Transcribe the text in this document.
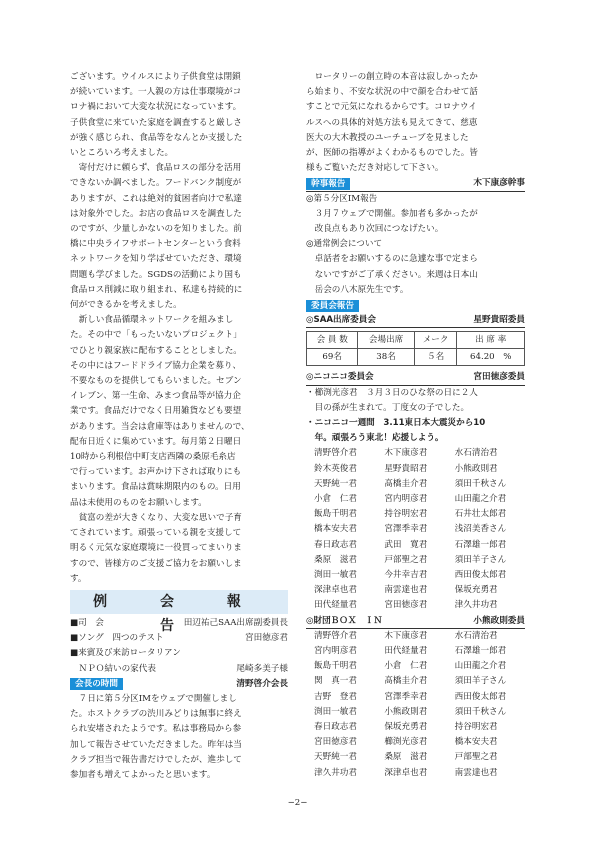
ございます。ウイルスにより子供食堂は閉鎖
が続いています。一人親の方は仕事環境がコ
ロナ禍において大変な状況になっています。
子供食堂に来ていた家庭を調査すると厳しさ
が強く感じられ、食品等をなんとか支援した
いところいろ考えました。
寄付だけに頼らず、食品ロスの部分を活用
できないか調べました。フードバンク制度が
ありますが、これは絶対的貧困者向けで私達
は対象外でした。お店の食品ロスを調査した
のですが、少量しかないのを知りました。前
橋に中央ライフサポートセンターという食料
ネットワークを知り学ばせていただき、環境
問題も学びました。SGDSの活動により国も
食品ロス削減に取り組まれ、私達も持続的に
何ができるかを考えました。
新しい食品循環ネットワークを組みまし
た。その中で「もったいないプロジェクト」
でひとり親家族に配布することとしました。
その中にはフードドライブ協力企業を募り、
不要なものを提供してもらいました。セブン
イレブン、第一生命、みまつ食品等が協力企
業です。食品だけでなく日用雑貨なども要望
があります。当会は倉庫等はありませんので、
配布日近くに集めています。毎月第２日曜日
10時から利根信中町支店西隣の桑原毛糸店
で行っています。お声かけ下されば取りにも
まいります。食品は賞味期限内のもの。日用
品は未使用のものをお願いします。
貧富の差が大きくなり、大変な思いで子育
てされています。頑張っている親を支援して
明るく元気な家庭環境に一役買ってまいりま
すので、皆様方のご支援ご協力をお願いしま
す。
例 会 報 告
■司　会	田辺祐己SAA出席副委員長
■ソング　四つのテスト	宮田徳彦君
■来賓及び来訪ロータリアン
　ＮＰＯ結いの家代表	尾崎多美子様
会長の時間	清野啓介会長
７日に第５分区IMをウェブで開催しまし
た。ホストクラブの渋川みどりは無事に終え
られ安堵されたようです。私は事務局から参
加して報告させていただきました。昨年は当
クラブ担当で報告書だけでしたが、進歩して
参加者も増えてよかったと思います。
ロータリーの創立時の本音は寂しかったか
ら始まり、不安な状況の中で顔を合わせて話
すことで元気になれるからです。コロナウイ
ルスへの具体的対処方法も見えてきて、慈恵
医大の大木教授のユーチューブを見ました
が、医師の指導がよくわかるものでした。皆
様もご覧いただき対応して下さい。
幹事報告	木下康彦幹事
◎第５分区IM報告
３月７ウェブで開催。参加者も多かったが
改良点もあり次回につなげたい。
◎通常例会について
卓話者をお願いするのに急遽な事で定まら
ないですがご了承ください。来週は日本山
岳会の八木原先生です。
委員会報告
◎SAA出席委員会	星野貴昭委員
会 員 数	会場出席	メーク	出 席 率
69名	38名	５名	64.20　%
◎ニコニコ委員会	宮田徳彦委員
・櫛渕光彦君　３月３日のひな祭の日に２人
目の孫が生まれて。丁度女の子でした。
・ニコニコ一週間　3.11東日本大震災から10
年。頑張ろう東北！応援しよう。
清野啓介君	木下康彦君	水石清治君
鈴木英俊君	星野貴昭君	小熊政則君
天野純一君	髙橋圭介君	須田千秋さん
小倉　仁君	宮内明彦君	山田龍之介君
飯島千明君	持谷明宏君	石井壮太郎君
橋本安夫君	宮澤季幸君	浅沼美香さん
春日政志君	武田　寛君	石澤雄一郎君
桑原　滋君	戸部聖之君	須田羊子さん
渕田一敏君	今井幸吉君	西田俊太郎君
深津卓也君	南雲達也君	保坂充勇君
田代経量君	宮田徳彦君	津久井功君
◎財団ＢＯＸ　ＩＮ	小熊政則委員
清野啓介君	木下康彦君	水石清治君
宮内明彦君	田代経量君	石澤雄一郎君
飯島千明君	小倉　仁君	山田龍之介君
関　真一君	髙橋圭介君	須田羊子さん
吉野　登君	宮澤季幸君	西田俊太郎君
渕田一敏君	小熊政則君	須田千秋さん
春日政志君	保坂充勇君	持谷明宏君
宮田徳彦君	櫛渕光彦君	橋本安夫君
天野純一君	桑原　滋君	戸部聖之君
津久井功君	深津卓也君	南雲達也君
−2−
